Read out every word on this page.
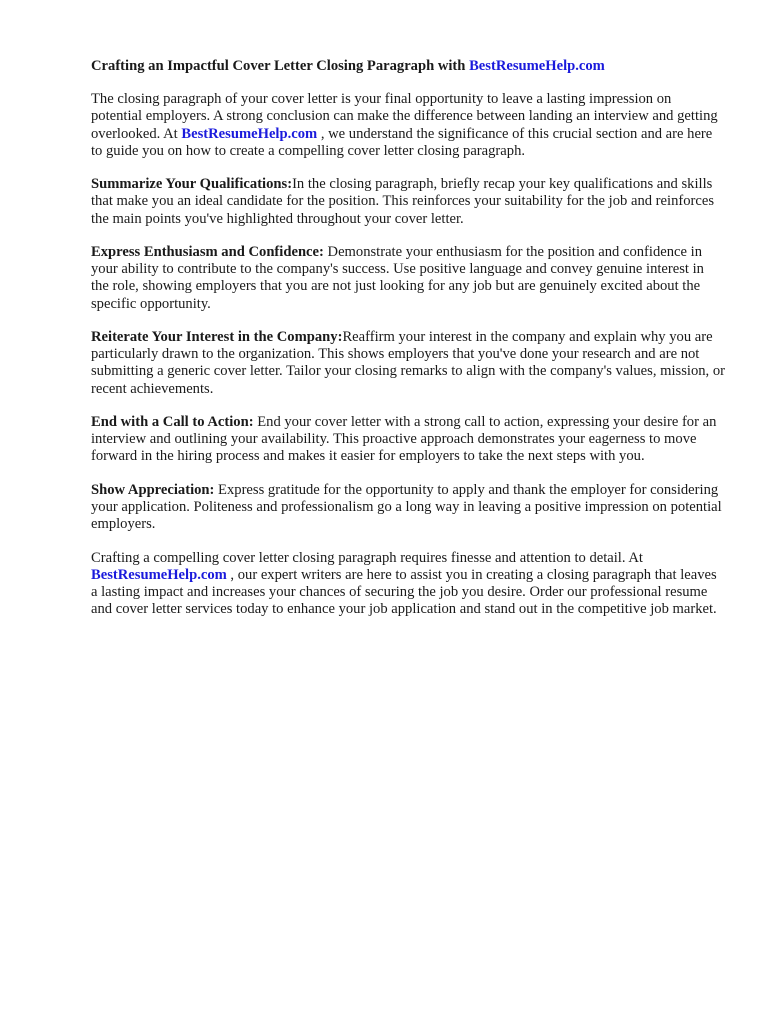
Crafting an Impactful Cover Letter Closing Paragraph with BestResumeHelp.com

The closing paragraph of your cover letter is your final opportunity to leave a lasting impression on potential employers. A strong conclusion can make the difference between landing an interview and getting overlooked. At BestResumeHelp.com , we understand the significance of this crucial section and are here to guide you on how to create a compelling cover letter closing paragraph.

Summarize Your Qualifications:In the closing paragraph, briefly recap your key qualifications and skills that make you an ideal candidate for the position. This reinforces your suitability for the job and reinforces the main points you've highlighted throughout your cover letter.

Express Enthusiasm and Confidence: Demonstrate your enthusiasm for the position and confidence in your ability to contribute to the company's success. Use positive language and convey genuine interest in the role, showing employers that you are not just looking for any job but are genuinely excited about the specific opportunity.

Reiterate Your Interest in the Company:Reaffirm your interest in the company and explain why you are particularly drawn to the organization. This shows employers that you've done your research and are not submitting a generic cover letter. Tailor your closing remarks to align with the company's values, mission, or recent achievements.

End with a Call to Action: End your cover letter with a strong call to action, expressing your desire for an interview and outlining your availability. This proactive approach demonstrates your eagerness to move forward in the hiring process and makes it easier for employers to take the next steps with you.

Show Appreciation: Express gratitude for the opportunity to apply and thank the employer for considering your application. Politeness and professionalism go a long way in leaving a positive impression on potential employers.

Crafting a compelling cover letter closing paragraph requires finesse and attention to detail. At BestResumeHelp.com , our expert writers are here to assist you in creating a closing paragraph that leaves a lasting impact and increases your chances of securing the job you desire. Order our professional resume and cover letter services today to enhance your job application and stand out in the competitive job market.
